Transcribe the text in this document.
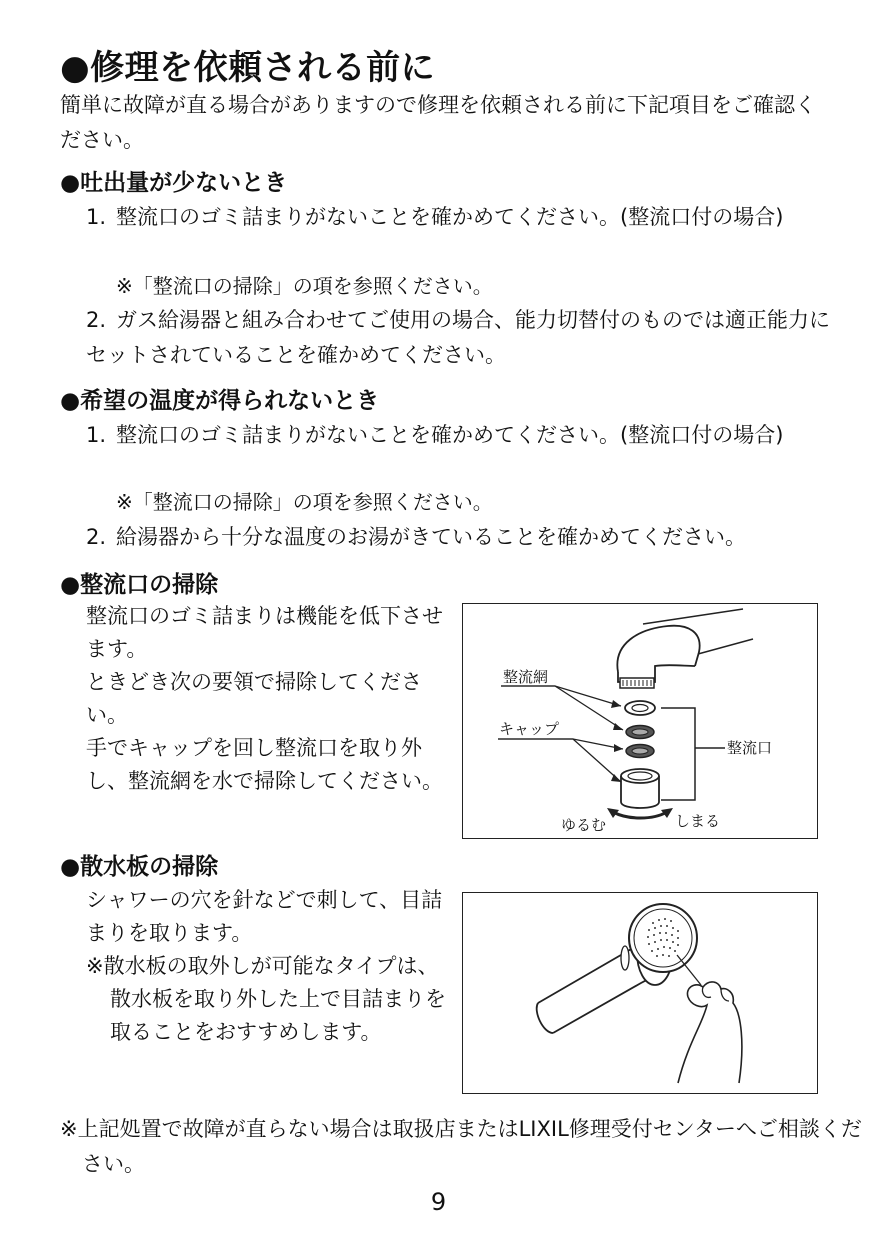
●修理を依頼される前に
簡単に故障が直る場合がありますので修理を依頼される前に下記項目をご確認ください。
●吐出量が少ないとき
1. 整流口のゴミ詰まりがないことを確かめてください。(整流口付の場合)
※「整流口の掃除」の項を参照ください。
2. ガス給湯器と組み合わせてご使用の場合、能力切替付のものでは適正能力にセットされていることを確かめてください。
●希望の温度が得られないとき
1. 整流口のゴミ詰まりがないことを確かめてください。(整流口付の場合)
※「整流口の掃除」の項を参照ください。
2. 給湯器から十分な温度のお湯がきていることを確かめてください。
●整流口の掃除
整流口のゴミ詰まりは機能を低下させます。
ときどき次の要領で掃除してください。
手でキャップを回し整流口を取り外し、整流網を水で掃除してください。
整流網
キャップ
整流口
ゆるむ	しまる
●散水板の掃除
シャワーの穴を針などで刺して、目詰まりを取ります。
※散水板の取外しが可能なタイプは、散水板を取り外した上で目詰まりを取ることをおすすめします。
※上記処置で故障が直らない場合は取扱店またはLIXIL修理受付センターへご相談ください。
9
